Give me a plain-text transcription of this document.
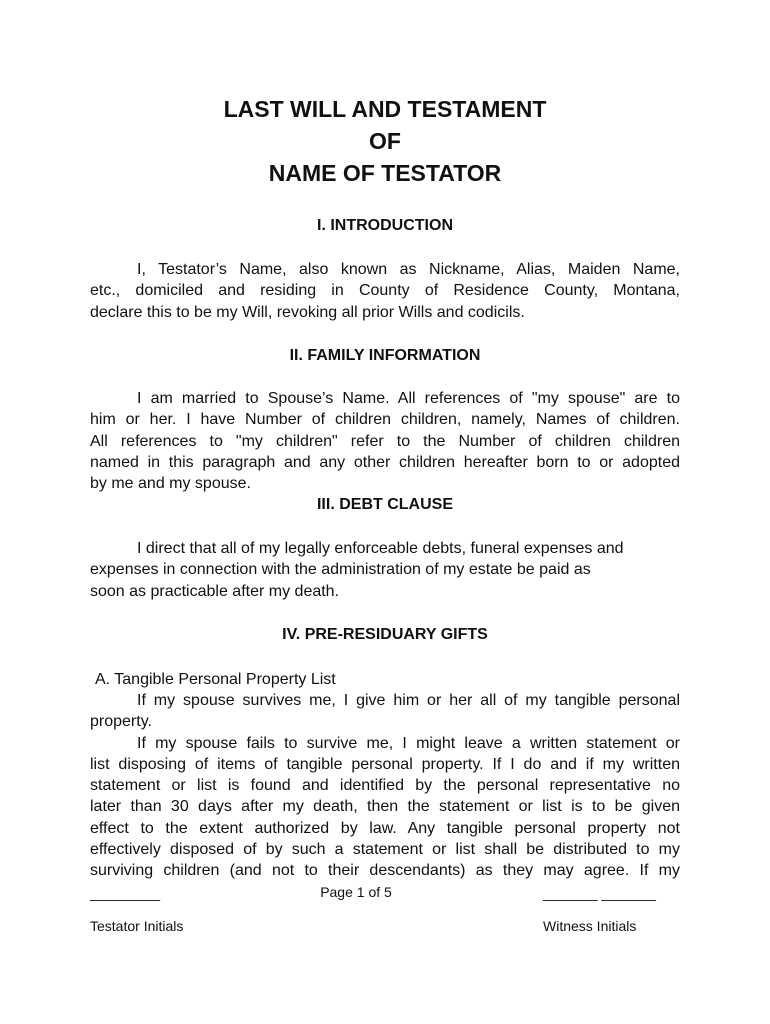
LAST WILL AND TESTAMENT
OF
NAME OF TESTATOR
I. INTRODUCTION
I, Testator’s Name, also known as Nickname, Alias, Maiden Name,
etc., domiciled and residing in County of Residence County, Montana,
declare this to be my Will, revoking all prior Wills and codicils.
II. FAMILY INFORMATION
I am married to Spouse’s Name. All references of "my spouse" are to
him or her. I have Number of children children, namely, Names of children.
All references to "my children" refer to the Number of children children
named in this paragraph and any other children hereafter born to or adopted
by me and my spouse.
III. DEBT CLAUSE
I direct that all of my legally enforceable debts, funeral expenses and
expenses in connection with the administration of my estate be paid as
soon as practicable after my death.
IV. PRE-RESIDUARY GIFTS
A. Tangible Personal Property List
If my spouse survives me, I give him or her all of my tangible personal
property.
If my spouse fails to survive me, I might leave a written statement or
list disposing of items of tangible personal property. If I do and if my written
statement or list is found and identified by the personal representative no
later than 30 days after my death, then the statement or list is to be given
effect to the extent authorized by law. Any tangible personal property not
effectively disposed of by such a statement or list shall be distributed to my
surviving children (and not to their descendants) as they may agree. If my
_________	Page 1 of 5	_______ _______
Testator Initials	Witness Initials
